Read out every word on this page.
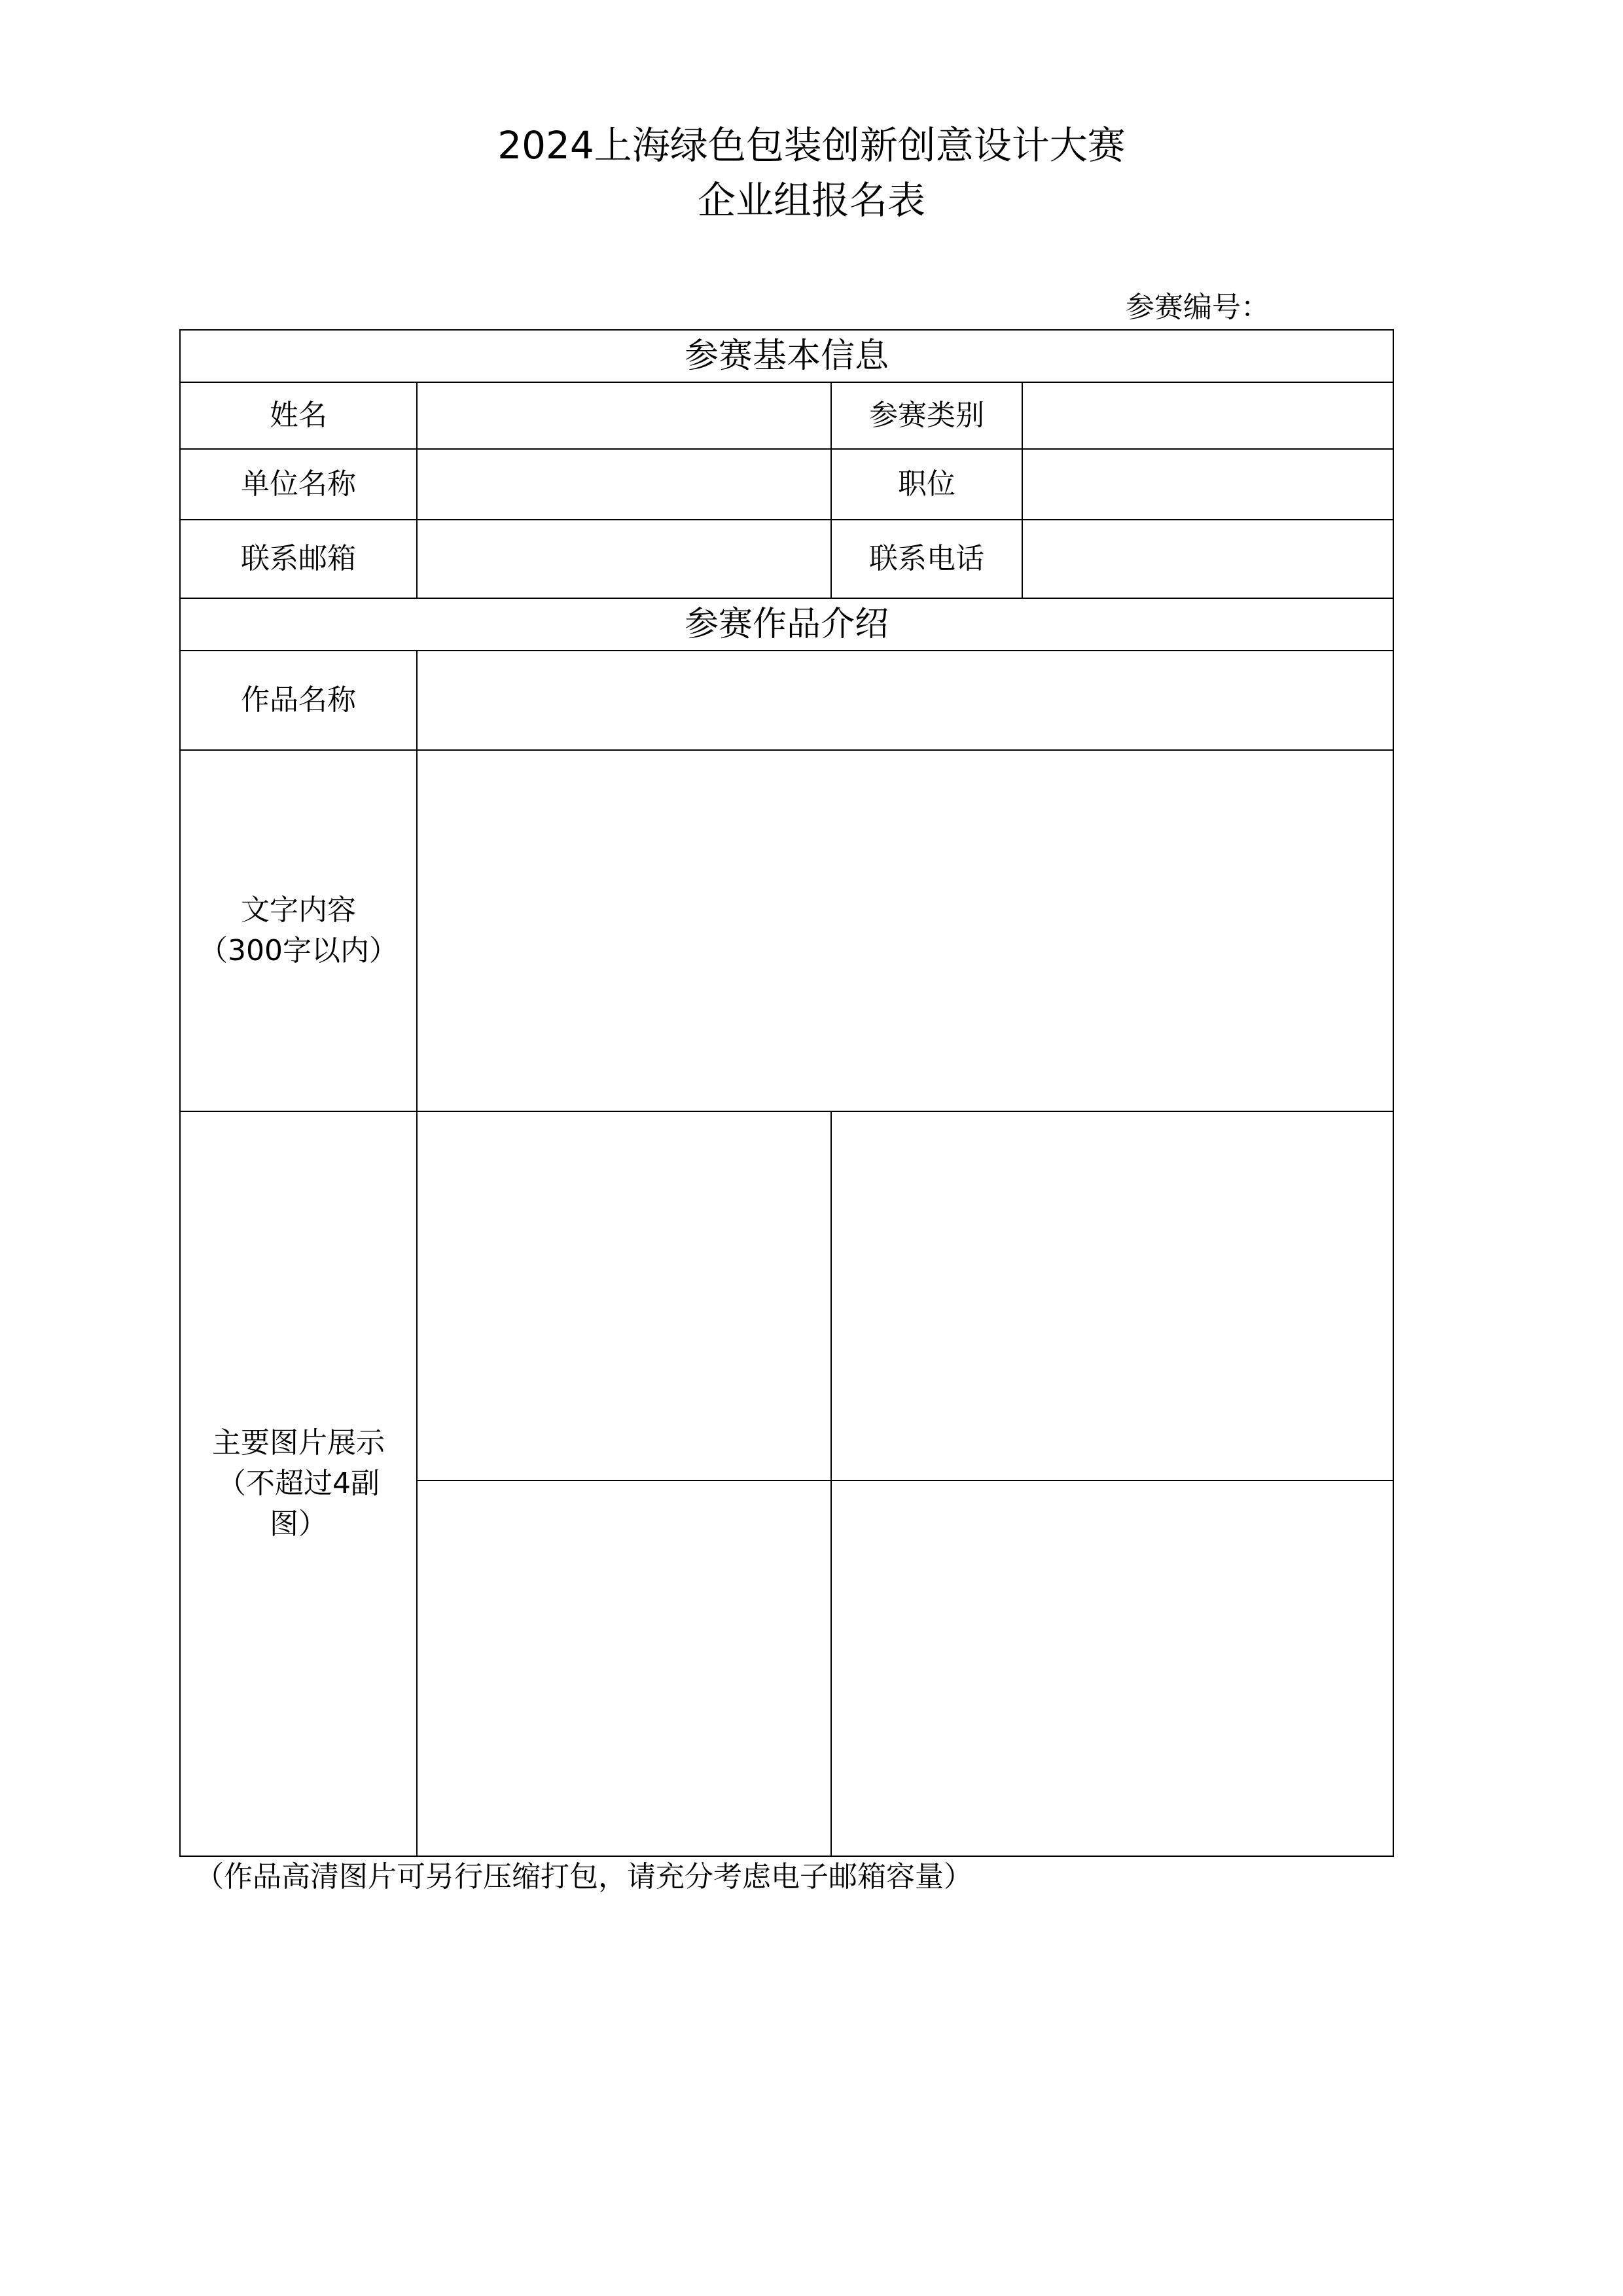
2024上海绿色包装创新创意设计大赛
企业组报名表
参赛编号：
参赛基本信息			
姓名		参赛类别	
单位名称		职位	
联系邮箱		联系电话	
参赛作品介绍			
作品名称			

文字内容
（300字以内）			

主要图片展示
（不超过4副
图）			

（作品高清图片可另行压缩打包，请充分考虑电子邮箱容量）
